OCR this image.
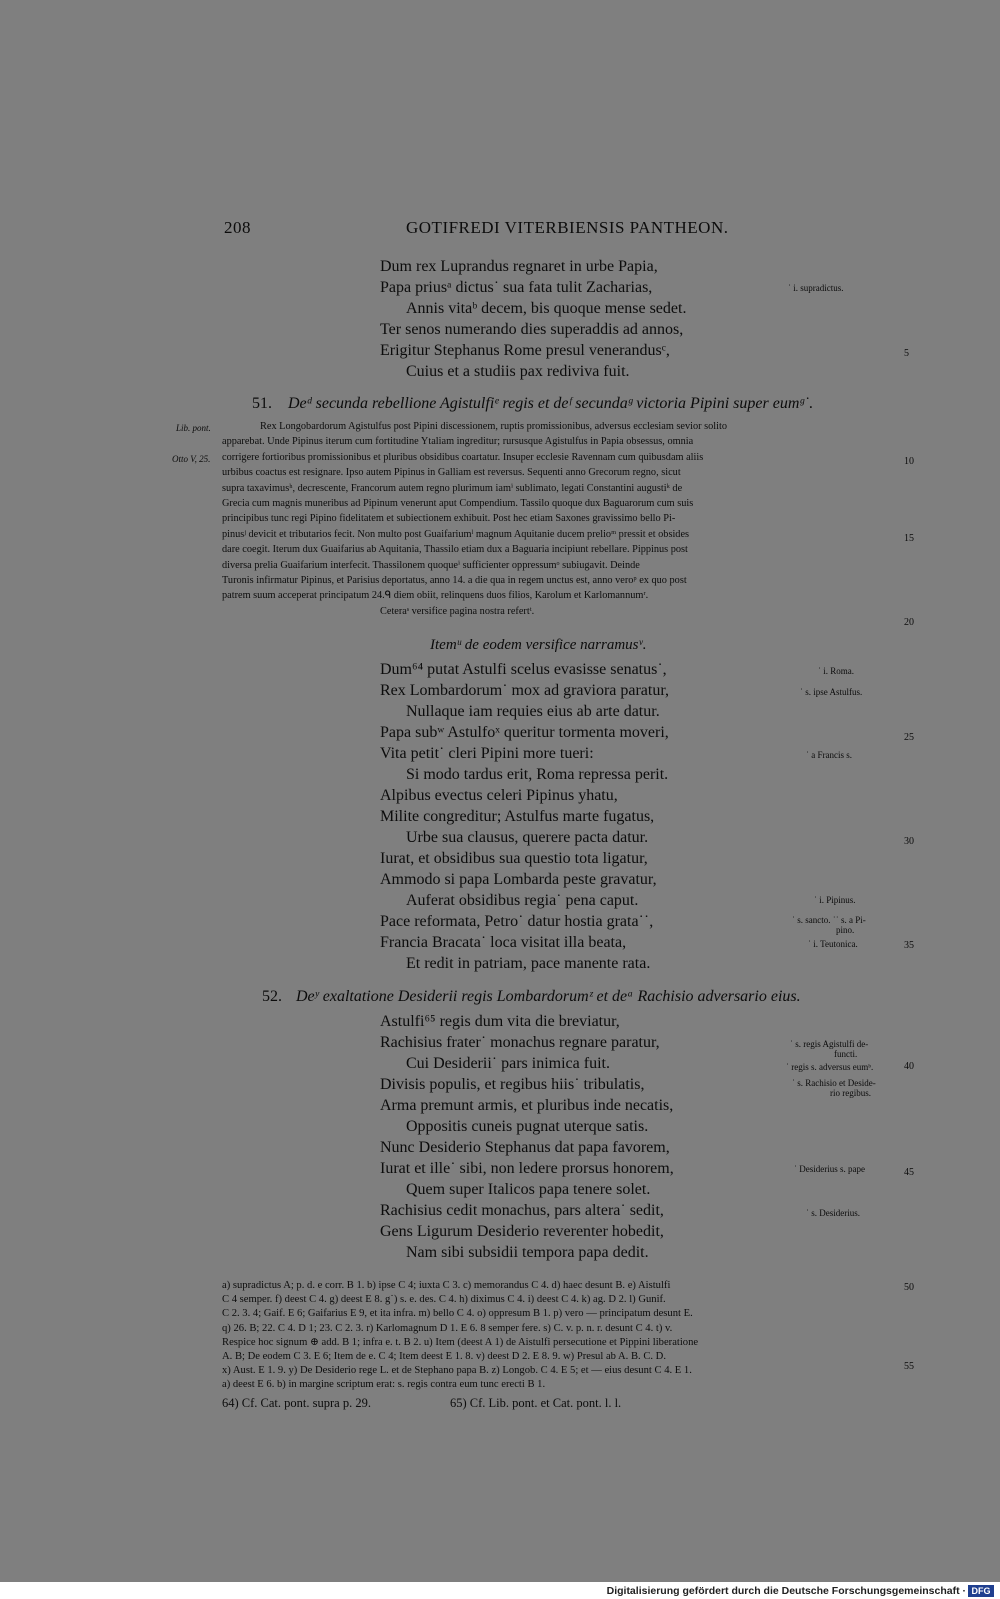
208	GOTIFREDI VITERBIENSIS PANTHEON.
Dum rex Luprandus regnaret in urbe Papia,
Papa priusᵃ dictus˙ sua fata tulit Zacharias,
Annis vitaᵇ decem, bis quoque mense sedet.
Ter senos numerando dies superaddis ad annos,
Erigitur Stephanus Rome presul venerandusᶜ,
Cuius et a studiis pax rediviva fuit.
˙ i. supradictus.
51. Deᵈ secunda rebellione Agistulfiᵉ regis et deᶠ secundaᵍ victoria Pipini super eumᵍ˙.
Lib. pont.
Otto V, 25.
Rex Longobardorum Agistulfus post Pipini discessionem, ruptis promissionibus, adversus ecclesiam sevior solito
apparebat. Unde Pipinus iterum cum fortitudine Ytaliam ingreditur; rursusque Agistulfus in Papia obsessus, omnia
corrigere fortioribus promissionibus et pluribus obsidibus coartatur. Insuper ecclesie Ravennam cum quibusdam aliis
urbibus coactus est resignare. Ipso autem Pipinus in Galliam est reversus. Sequenti anno Grecorum regno, sicut
supra taxavimusʰ, decrescente, Francorum autem regno plurimum iamⁱ sublimato, legati Constantini augustiᵏ de
Grecia cum magnis muneribus ad Pipinum venerunt aput Compendium. Tassilo quoque dux Baguarorum cum suis
principibus tunc regi Pipino fidelitatem et subiectionem exhibuit. Post hec etiam Saxones gravissimo bello Pi-
pinusʲ devicit et tributarios fecit. Non multo post Guaifariumˡ magnum Aquitanie ducem prelioᵐ pressit et obsides
dare coegit. Iterum dux Guaifarius ab Aquitania, Thassilo etiam dux a Baguaria incipiunt rebellare. Pippinus post
diversa prelia Guaifarium interfecit. Thassilonem quoqueⁱ sufficienter oppressumᵒ subiugavit. Deinde
Turonis infirmatur Pipinus, et Parisius deportatus, anno 14. a die qua in regem unctus est, anno veroᵖ ex quo post
patrem suum acceperat principatum 24.ᑫ diem obiit, relinquens duos filios, Karolum et Karlomannumʳ.
Ceteraˢ versifice pagina nostra refertᵗ.
Itemᵘ de eodem versifice narramusᵛ.
Dum⁶⁴ putat Astulfi scelus evasisse senatus˙,
Rex Lombardorum˙ mox ad graviora paratur,
Nullaque iam requies eius ab arte datur.
Papa subʷ Astulfoˣ queritur tormenta moveri,
Vita petit˙ cleri Pipini more tueri:
Si modo tardus erit, Roma repressa perit.
Alpibus evectus celeri Pipinus yhatu,
Milite congreditur; Astulfus marte fugatus,
Urbe sua clausus, querere pacta datur.
Iurat, et obsidibus sua questio tota ligatur,
Ammodo si papa Lombarda peste gravatur,
Auferat obsidibus regia˙ pena caput.
Pace reformata, Petro˙ datur hostia grata˙˙,
Francia Bracata˙ loca visitat illa beata,
Et redit in patriam, pace manente rata.
˙ i. Roma.
˙ s. ipse Astulfus.
˙ a Francis s.
˙ i. Pipinus.
˙ s. sancto. ˙˙ s. a Pi-
pino.
˙ i. Teutonica.
52. Deʸ exaltatione Desiderii regis Lombardorumᶻ et deᵃ Rachisio adversario eius.
Astulfi⁶⁵ regis dum vita die breviatur,
Rachisius frater˙ monachus regnare paratur,
Cui Desiderii˙ pars inimica fuit.
Divisis populis, et regibus hiis˙ tribulatis,
Arma premunt armis, et pluribus inde necatis,
Oppositis cuneis pugnat uterque satis.
Nunc Desiderio Stephanus dat papa favorem,
Iurat et ille˙ sibi, non ledere prorsus honorem,
Quem super Italicos papa tenere solet.
Rachisius cedit monachus, pars altera˙ sedit,
Gens Ligurum Desiderio reverenter hobedit,
Nam sibi subsidii tempora papa dedit.
˙ s. regis Agistulfi de-
functi.
˙ regis s. adversus eumᵇ.
˙ s. Rachisio et Deside-
rio regibus.
˙ Desiderius s. pape
˙ s. Desiderius.
5
10
15
20
25
30
35
40
45
50
55
a) supradictus A; p. d. e corr. B 1. b) ipse C 4; iuxta C 3. c) memorandus C 4. d) haec desunt B. e) Aistulfi
C 4 semper. f) deest C 4. g) deest E 8. g˙) s. e. des. C 4. h) diximus C 4. i) deest C 4. k) ag. D 2. l) Gunif.
C 2. 3. 4; Gaif. E 6; Gaifarius E 9, et ita infra. m) bello C 4. o) oppresum B 1. p) vero — principatum desunt E.
q) 26. B; 22. C 4. D 1; 23. C 2. 3. r) Karlomagnum D 1. E 6. 8 semper fere. s) C. v. p. n. r. desunt C 4. t) v.
Respice hoc signum ⊕ add. B 1; infra e. t. B 2. u) Item (deest A 1) de Aistulfi persecutione et Pippini liberatione
A. B; De eodem C 3. E 6; Item de e. C 4; Item deest E 1. 8. v) deest D 2. E 8. 9. w) Presul ab A. B. C. D.
x) Aust. E 1. 9. y) De Desiderio rege L. et de Stephano papa B. z) Longob. C 4. E 5; et — eius desunt C 4. E 1.
a) deest E 6. b) in margine scriptum erat: s. regis contra eum tunc erecti B 1.
64) Cf. Cat. pont. supra p. 29.	65) Cf. Lib. pont. et Cat. pont. l. l.
Digitalisierung gefördert durch die Deutsche Forschungsgemeinschaft · DFG
